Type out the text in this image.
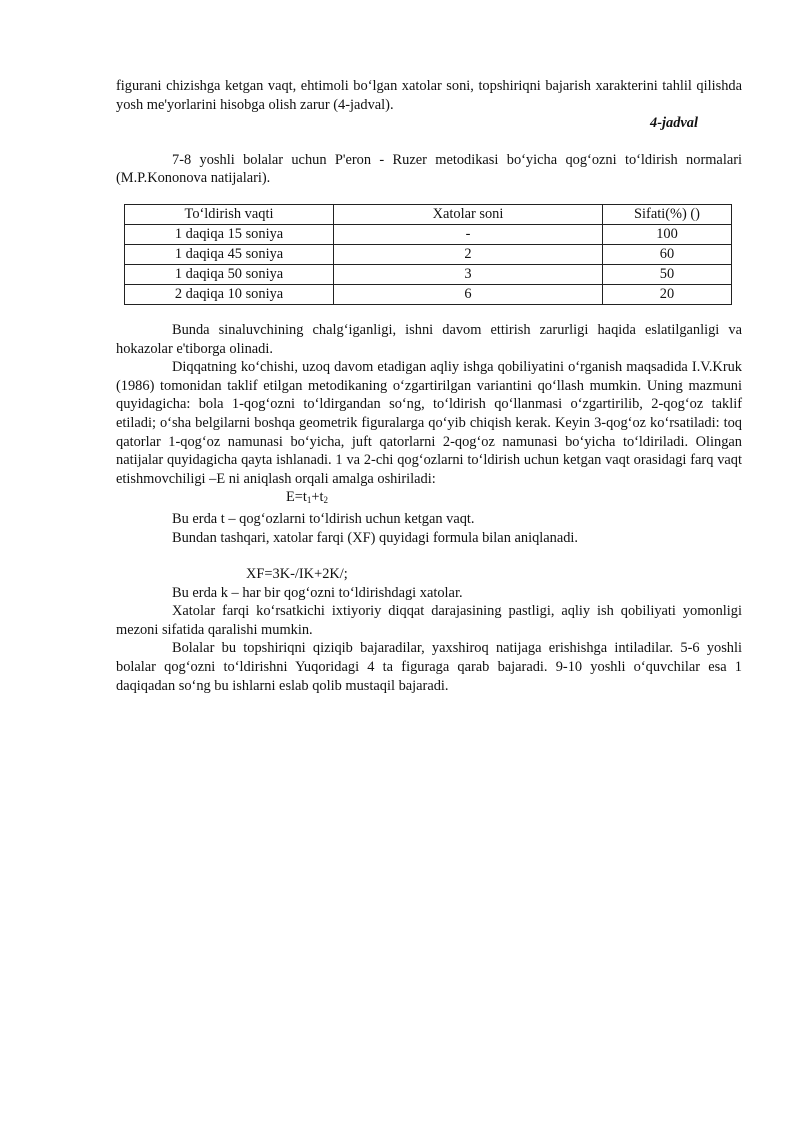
figurani chizishga ketgan vaqt, ehtimoli bo‘lgan xatolar soni, topshiriqni bajarish xarakterini tahlil qilishda yosh me'yorlarini hisobga olish zarur (4-jadval).

4-jadval

7-8 yoshli bolalar uchun P'eron - Ruzer metodikasi bo‘yicha qog‘ozni to‘ldirish normalari (M.P.Kononova natijalari).

To‘ldirish vaqti	Xatolar soni	Sifati(%) ()
1 daqiqa 15 soniya	-	100
1 daqiqa 45 soniya	2	60
1 daqiqa 50 soniya	3	50
2 daqiqa 10 soniya	6	20

Bunda sinaluvchining chalg‘iganligi, ishni davom ettirish zarurligi haqida eslatilganligi va hokazolar e'tiborga olinadi.

Diqqatning ko‘chishi, uzoq davom etadigan aqliy ishga qobiliyatini o‘rganish maqsadida I.V.Kruk (1986) tomonidan taklif etilgan metodikaning o‘zgartirilgan variantini qo‘llash mumkin. Uning mazmuni quyidagicha: bola 1-qog‘ozni to‘ldirgandan so‘ng, to‘ldirish qo‘llanmasi o‘zgartirilib, 2-qog‘oz taklif etiladi; o‘sha belgilarni boshqa geometrik figuralarga qo‘yib chiqish kerak. Keyin 3-qog‘oz ko‘rsatiladi: toq qatorlar 1-qog‘oz namunasi bo‘yicha, juft qatorlarni 2-qog‘oz namunasi bo‘yicha to‘ldiriladi. Olingan natijalar quyidagicha qayta ishlanadi. 1 va 2-chi qog‘ozlarni to‘ldirish uchun ketgan vaqt orasidagi farq vaqt etishmovchiligi –E ni aniqlash orqali amalga oshiriladi:

$E=t_1+t_2$

Bu erda t – qog‘ozlarni to‘ldirish uchun ketgan vaqt.

Bundan tashqari, xatolar farqi (XF) quyidagi formula bilan aniqlanadi.

XF=3K-/IK+2K/;

Bu erda k – har bir qog‘ozni to‘ldirishdagi xatolar.

Xatolar farqi ko‘rsatkichi ixtiyoriy diqqat darajasining pastligi, aqliy ish qobiliyati yomonligi mezoni sifatida qaralishi mumkin.

Bolalar bu topshiriqni qiziqib bajaradilar, yaxshiroq natijaga erishishga intiladilar. 5-6 yoshli bolalar qog‘ozni to‘ldirishni Yuqoridagi 4 ta figuraga qarab bajaradi. 9-10 yoshli o‘quvchilar esa 1 daqiqadan so‘ng bu ishlarni eslab qolib mustaqil bajaradi.
